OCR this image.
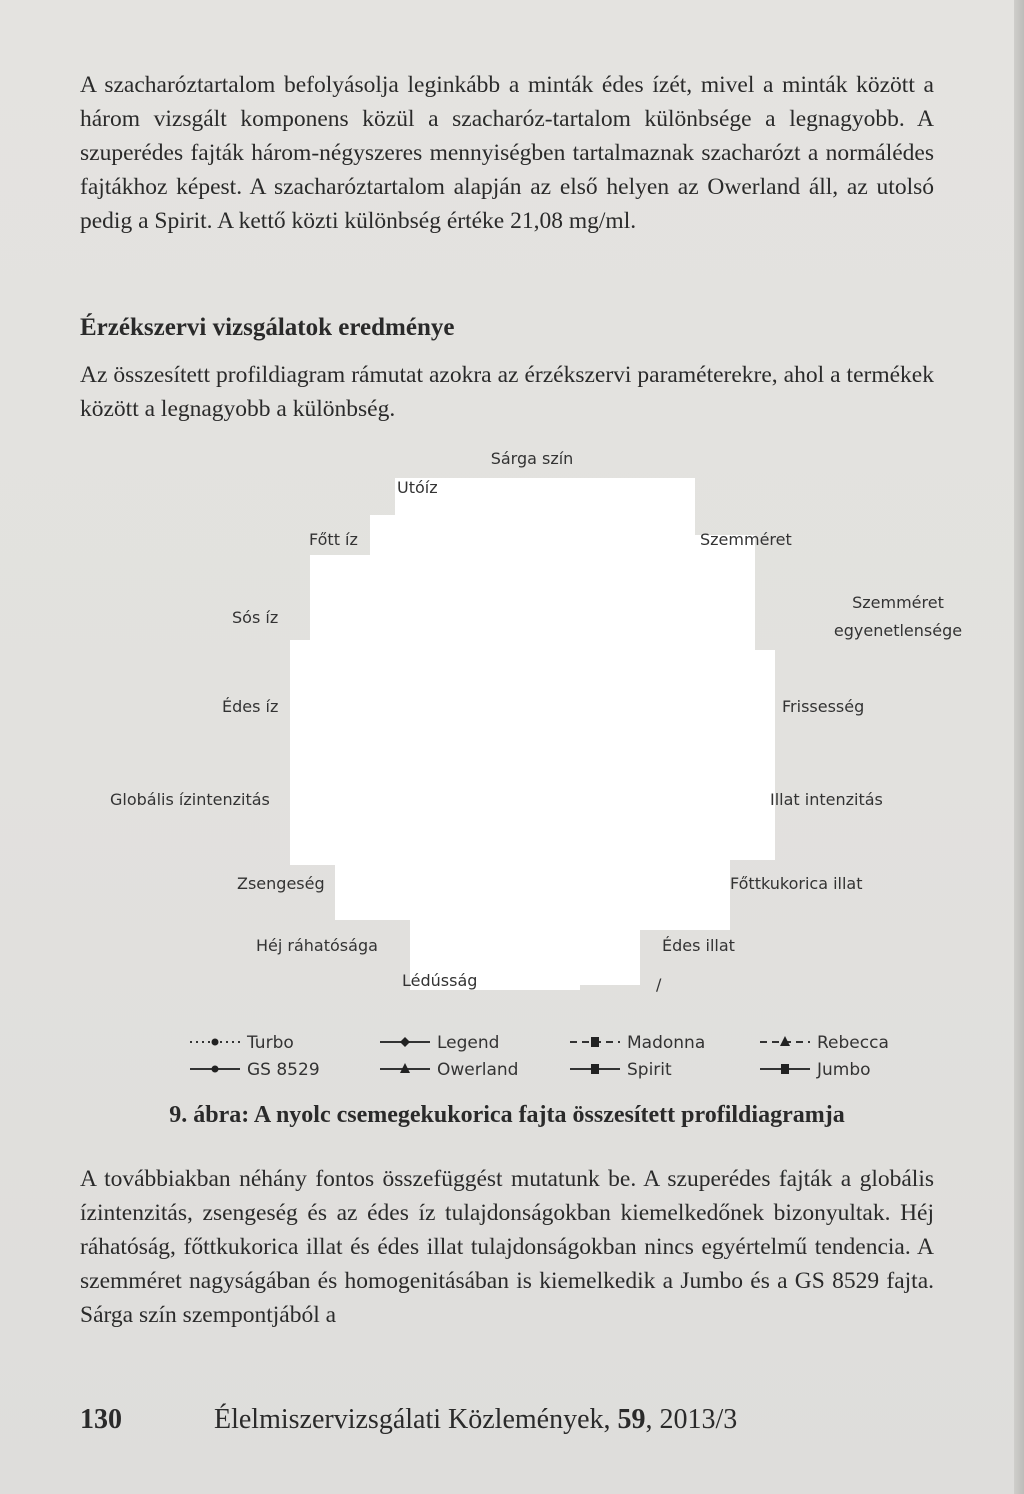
A szacharóztartalom befolyásolja leginkább a minták édes ízét, mivel a minták között a három vizsgált komponens közül a szacharóz-tartalom különbsége a legnagyobb. A szuperédes fajták három-négyszeres mennyiségben tartalmaznak szacharózt a normálédes fajtákhoz képest. A szacharóztartalom alapján az első helyen az Owerland áll, az utolsó pedig a Spirit. A kettő közti különbség értéke 21,08 mg/ml.

Érzékszervi vizsgálatok eredménye

Az összesített profildiagram rámutat azokra az érzékszervi paraméterekre, ahol a termékek között a legnagyobb a különbség.

Sárga szín
Szemméret
Szemméret egyenetlensége
Frissesség
Illat intenzitás
Főttkukorica illat
Édes illat
/
Lédússág
Héj ráhatósága
Zsengeség
Globális ízintenzitás
Édes íz
Sós íz
Főtt íz
Utóíz
Turbo	Legend	Madonna	Rebecca
GS 8529	Owerland	Spirit	Jumbo

9. ábra: A nyolc csemegekukorica fajta összesített profildiagramja

A továbbiakban néhány fontos összefüggést mutatunk be. A szuperédes fajták a globális ízintenzitás, zsengeség és az édes íz tulajdonságokban kiemelkedőnek bizonyultak. Héj ráhatóság, főttkukorica illat és édes illat tulajdonságokban nincs egyértelmű tendencia. A szemméret nagyságában és homogenitásában is kiemelkedik a Jumbo és a GS 8529 fajta. Sárga szín szempontjából a

130	Élelmiszervizsgálati Közlemények, 59, 2013/3
